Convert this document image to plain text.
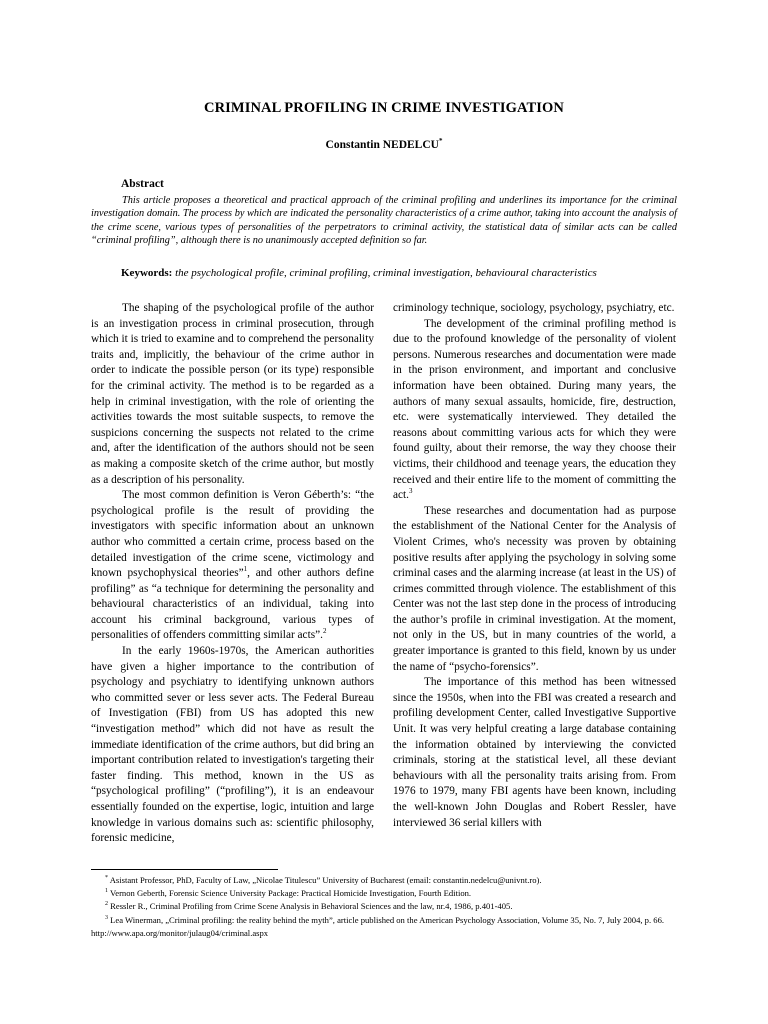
CRIMINAL PROFILING IN CRIME INVESTIGATION
Constantin NEDELCU*
Abstract
This article proposes a theoretical and practical approach of the criminal profiling and underlines its importance for the criminal investigation domain. The process by which are indicated the personality characteristics of a crime author, taking into account the analysis of the crime scene, various types of personalities of the perpetrators to criminal activity, the statistical data of similar acts can be called “criminal profiling”, although there is no unanimously accepted definition so far.
Keywords: the psychological profile, criminal profiling, criminal investigation, behavioural characteristics

The shaping of the psychological profile of the author is an investigation process in criminal prosecution, through which it is tried to examine and to comprehend the personality traits and, implicitly, the behaviour of the crime author in order to indicate the possible person (or its type) responsible for the criminal activity. The method is to be regarded as a help in criminal investigation, with the role of orienting the activities towards the most suitable suspects, to remove the suspicions concerning the suspects not related to the crime and, after the identification of the authors should not be seen as making a composite sketch of the crime author, but mostly as a description of his personality.

The most common definition is Veron Géberth’s: “the psychological profile is the result of providing the investigators with specific information about an unknown author who committed a certain crime, process based on the detailed investigation of the crime scene, victimology and known psychophysical theories”$^1$, and other authors define profiling” as “a technique for determining the personality and behavioural characteristics of an individual, taking into account his criminal background, various types of personalities of offenders committing similar acts”.$^2$

In the early 1960s-1970s, the American authorities have given a higher importance to the contribution of psychology and psychiatry to identifying unknown authors who committed sever or less sever acts. The Federal Bureau of Investigation (FBI) from US has adopted this new “investigation method” which did not have as result the immediate identification of the crime authors, but did bring an important contribution related to investigation's targeting their faster finding. This method, known in the US as “psychological profiling” (“profiling”), it is an endeavour essentially founded on the expertise, logic, intuition and large knowledge in various domains such as: scientific philosophy, forensic medicine,

criminology technique, sociology, psychology, psychiatry, etc.

The development of the criminal profiling method is due to the profound knowledge of the personality of violent persons. Numerous researches and documentation were made in the prison environment, and important and conclusive information have been obtained. During many years, the authors of many sexual assaults, homicide, fire, destruction, etc. were systematically interviewed. They detailed the reasons about committing various acts for which they were found guilty, about their remorse, the way they choose their victims, their childhood and teenage years, the education they received and their entire life to the moment of committing the act.$^3$

These researches and documentation had as purpose the establishment of the National Center for the Analysis of Violent Crimes, who's necessity was proven by obtaining positive results after applying the psychology in solving some criminal cases and the alarming increase (at least in the US) of crimes committed through violence. The establishment of this Center was not the last step done in the process of introducing the author’s profile in criminal investigation. At the moment, not only in the US, but in many countries of the world, a greater importance is granted to this field, known by us under the name of “psycho-forensics”.

The importance of this method has been witnessed since the 1950s, when into the FBI was created a research and profiling development Center, called Investigative Supportive Unit. It was very helpful creating a large database containing the information obtained by interviewing the convicted criminals, storing at the statistical level, all these deviant behaviours with all the personality traits arising from. From 1976 to 1979, many FBI agents have been known, including the well-known John Douglas and Robert Ressler, have interviewed 36 serial killers with

* Asistant Professor, PhD, Faculty of Law, „Nicolae Titulescu” University of Bucharest (email: constantin.nedelcu@univnt.ro).

$^1$ Vernon Geberth, Forensic Science University Package: Practical Homicide Investigation, Fourth Edition.

$^2$ Ressler R., Criminal Profiling from Crime Scene Analysis in Behavioral Sciences and the law, nr.4, 1986, p.401-405.

$^3$ Lea Winerman, „Criminal profiling: the reality behind the myth”, article published on the American Psychology Association, Volume 35, No. 7, July 2004, p. 66. http://www.apa.org/monitor/julaug04/criminal.aspx
